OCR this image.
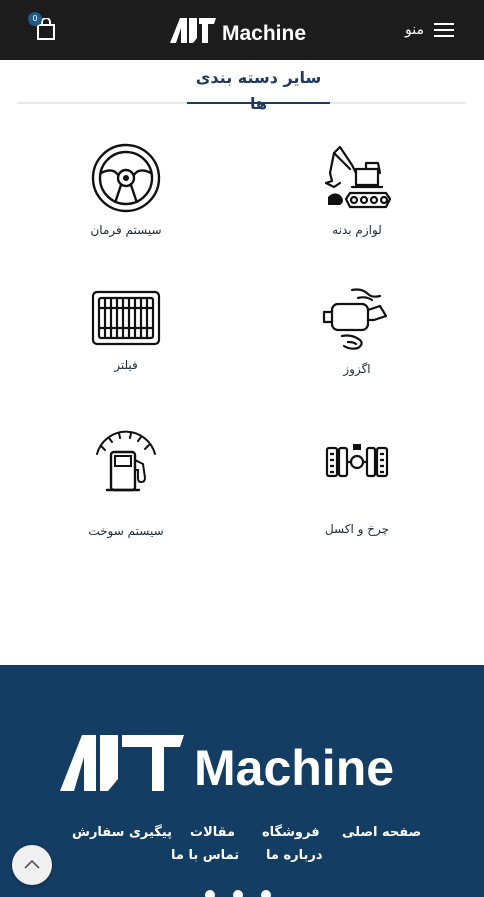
منو
Machine
0
سایر دسته بندی ها
لوازم بدنه
سیستم فرمان
اگزوز
فیلتر
چرخ و اکسل
سیستم سوخت
Machine
صفحه اصلی
فروشگاه
مقالات
پیگیری سفارش
درباره ما
تماس با ما
